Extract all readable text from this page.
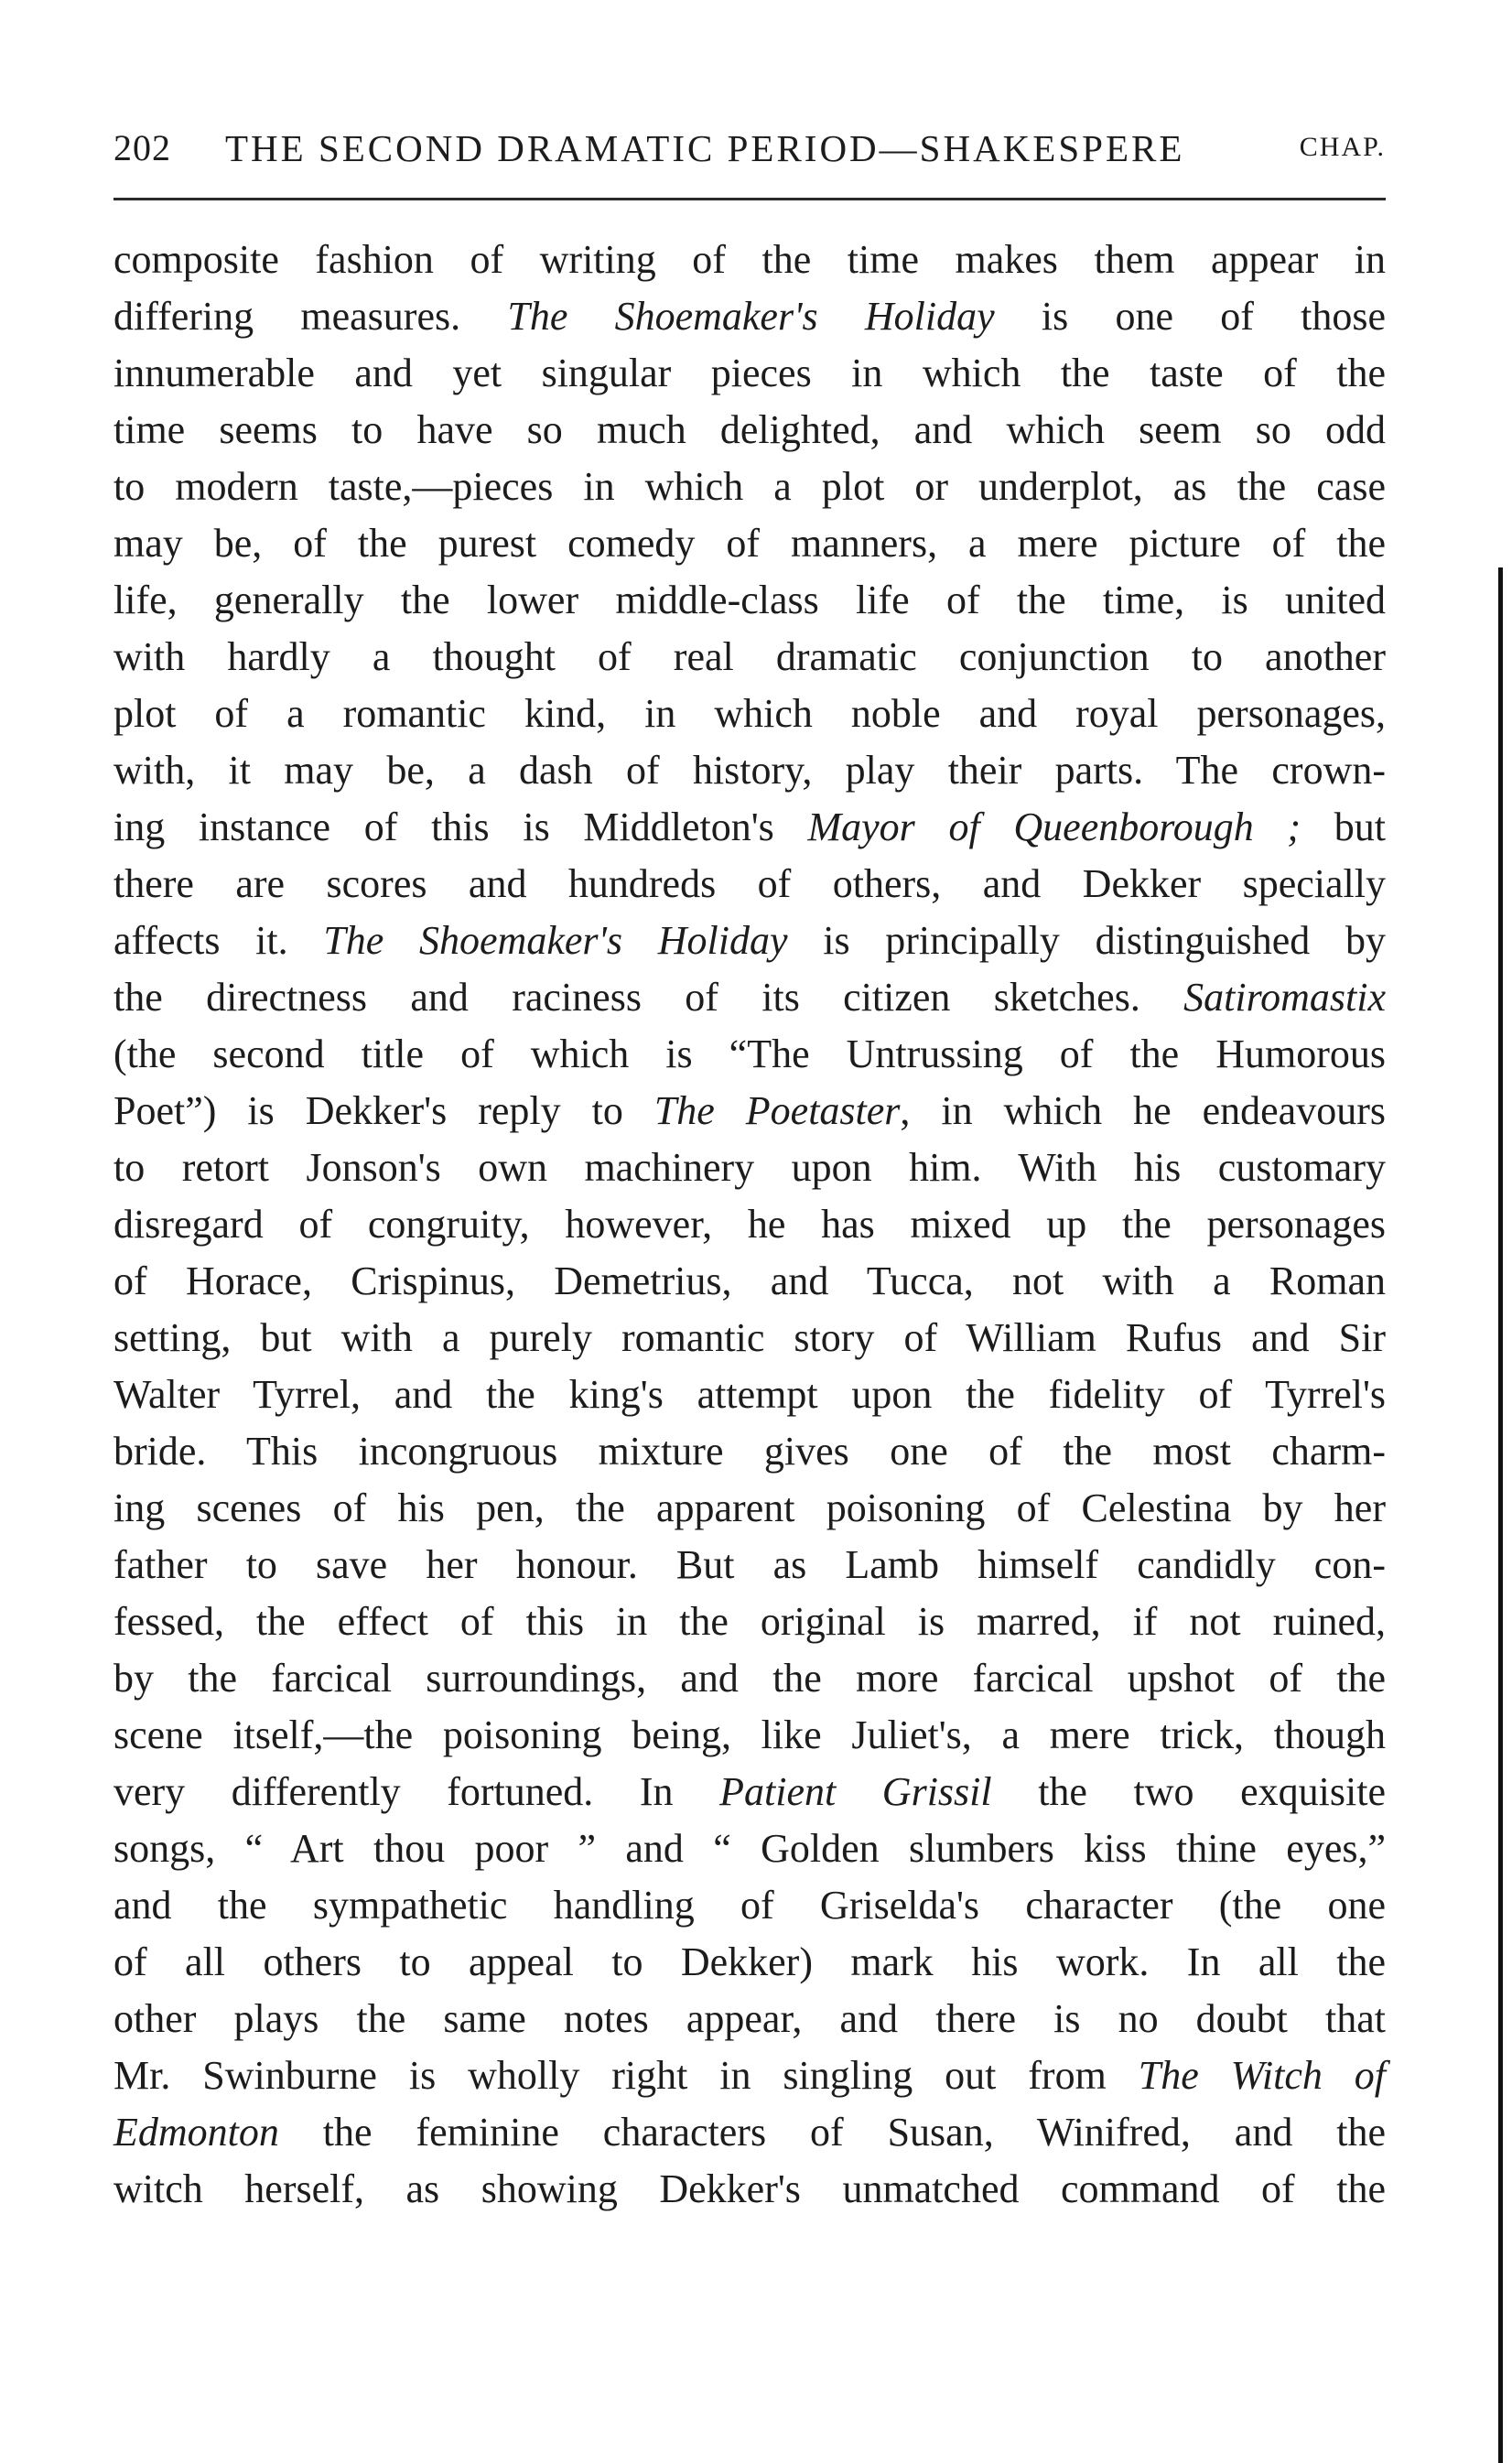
202 THE SECOND DRAMATIC PERIOD—SHAKESPERE	CHAP.
composite fashion of writing of the time makes them appear in
differing measures. The Shoemaker's Holiday is one of those
innumerable and yet singular pieces in which the taste of the
time seems to have so much delighted, and which seem so odd
to modern taste,—pieces in which a plot or underplot, as the case
may be, of the purest comedy of manners, a mere picture of the
life, generally the lower middle-class life of the time, is united
with hardly a thought of real dramatic conjunction to another
plot of a romantic kind, in which noble and royal personages,
with, it may be, a dash of history, play their parts. The crown-
ing instance of this is Middleton's Mayor of Queenborough ; but
there are scores and hundreds of others, and Dekker specially
affects it. The Shoemaker's Holiday is principally distinguished by
the directness and raciness of its citizen sketches. Satiromastix
(the second title of which is “The Untrussing of the Humorous
Poet”) is Dekker's reply to The Poetaster, in which he endeavours
to retort Jonson's own machinery upon him. With his customary
disregard of congruity, however, he has mixed up the personages
of Horace, Crispinus, Demetrius, and Tucca, not with a Roman
setting, but with a purely romantic story of William Rufus and Sir
Walter Tyrrel, and the king's attempt upon the fidelity of Tyrrel's
bride. This incongruous mixture gives one of the most charm-
ing scenes of his pen, the apparent poisoning of Celestina by her
father to save her honour. But as Lamb himself candidly con-
fessed, the effect of this in the original is marred, if not ruined,
by the farcical surroundings, and the more farcical upshot of the
scene itself,—the poisoning being, like Juliet's, a mere trick, though
very differently fortuned. In Patient Grissil the two exquisite
songs, “ Art thou poor ” and “ Golden slumbers kiss thine eyes,”
and the sympathetic handling of Griselda's character (the one
of all others to appeal to Dekker) mark his work. In all the
other plays the same notes appear, and there is no doubt that
Mr. Swinburne is wholly right in singling out from The Witch of
Edmonton the feminine characters of Susan, Winifred, and the
witch herself, as showing Dekker's unmatched command of the
